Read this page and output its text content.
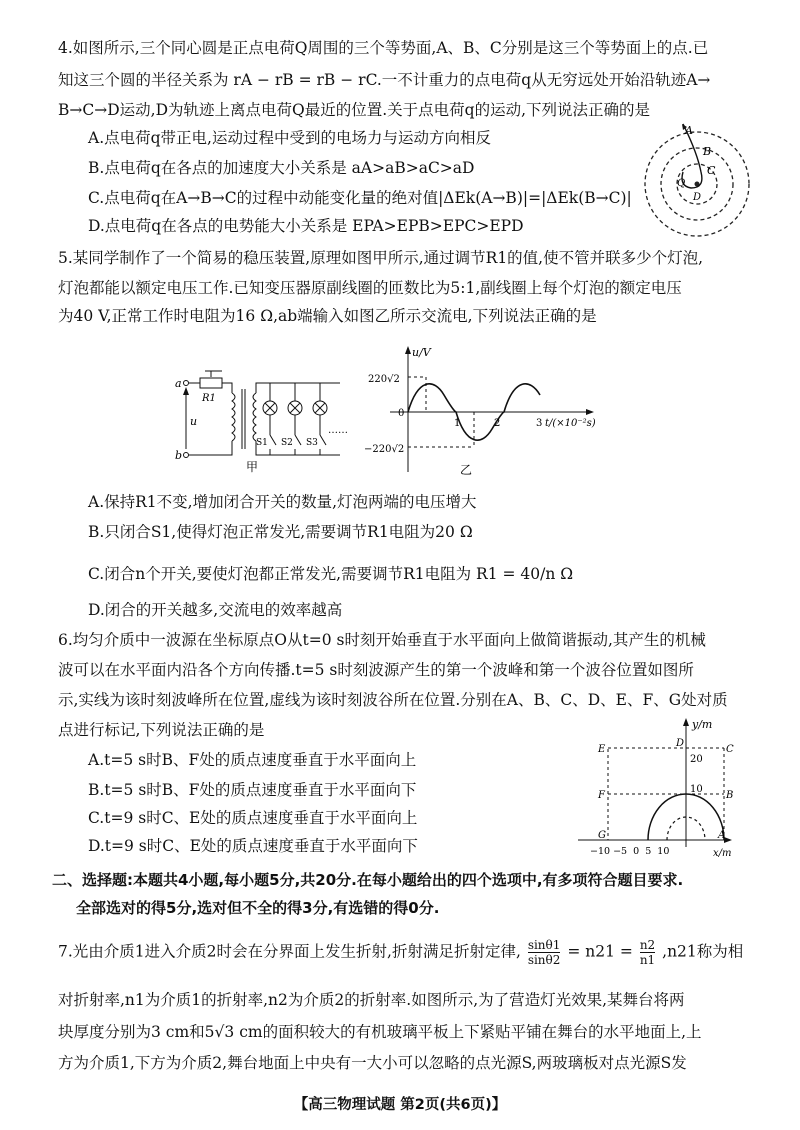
4.如图所示,三个同心圆是正点电荷Q周围的三个等势面,A、B、C分别是这三个等势面上的点.已
知这三个圆的半径关系为 rA − rB = rB − rC.一不计重力的点电荷q从无穷远处开始沿轨迹A→
B→C→D运动,D为轨迹上离点电荷Q最近的位置.关于点电荷q的运动,下列说法正确的是
A.点电荷q带正电,运动过程中受到的电场力与运动方向相反
B.点电荷q在各点的加速度大小关系是 aA>aB>aC>aD
C.点电荷q在A→B→C的过程中动能变化量的绝对值|ΔEk(A→B)|=|ΔEk(B→C)|
D.点电荷q在各点的电势能大小关系是 EPA>EPB>EPC>EPD
A
B
C
Q
D
5.某同学制作了一个简易的稳压装置,原理如图甲所示,通过调节R1的值,使不管并联多少个灯泡,
灯泡都能以额定电压工作.已知变压器原副线圈的匝数比为5:1,副线圈上每个灯泡的额定电压
为40 V,正常工作时电阻为16 Ω,ab端输入如图乙所示交流电,下列说法正确的是
a
b
u
R1
S1 S2 S3
……
甲
u/V
t/(×10⁻²s)
220√2
−220√2
0
1	2	3
乙
A.保持R1不变,增加闭合开关的数量,灯泡两端的电压增大
B.只闭合S1,使得灯泡正常发光,需要调节R1电阻为20 Ω
C.闭合n个开关,要使灯泡都正常发光,需要调节R1电阻为 R1 = 40/n Ω
D.闭合的开关越多,交流电的效率越高
6.均匀介质中一波源在坐标原点O从t=0 s时刻开始垂直于水平面向上做简谐振动,其产生的机械
波可以在水平面内沿各个方向传播.t=5 s时刻波源产生的第一个波峰和第一个波谷位置如图所
示,实线为该时刻波峰所在位置,虚线为该时刻波谷所在位置.分别在A、B、C、D、E、F、G处对质
点进行标记,下列说法正确的是
A.t=5 s时B、F处的质点速度垂直于水平面向上
B.t=5 s时B、F处的质点速度垂直于水平面向下
C.t=9 s时C、E处的质点速度垂直于水平面向上
D.t=9 s时C、E处的质点速度垂直于水平面向下
y/m
x/m
E
D
C
F	B
G	A
20
10
−10 −5  0  5  10
二、选择题:本题共4小题,每小题5分,共20分.在每小题给出的四个选项中,有多项符合题目要求.
全部选对的得5分,选对但不全的得3分,有选错的得0分.
7.光由介质1进入介质2时会在分界面上发生折射,折射满足折射定律, $\frac{\sin\theta 1}{\sin\theta 2} = n21 = \frac{n2}{n1} ,n21$称为相
对折射率,n1为介质1的折射率,n2为介质2的折射率.如图所示,为了营造灯光效果,某舞台将两
块厚度分别为3 cm和5√3 cm的面积较大的有机玻璃平板上下紧贴平铺在舞台的水平地面上,上
方为介质1,下方为介质2,舞台地面上中央有一大小可以忽略的点光源S,两玻璃板对点光源S发
【高三物理试题 第2页(共6页)】
